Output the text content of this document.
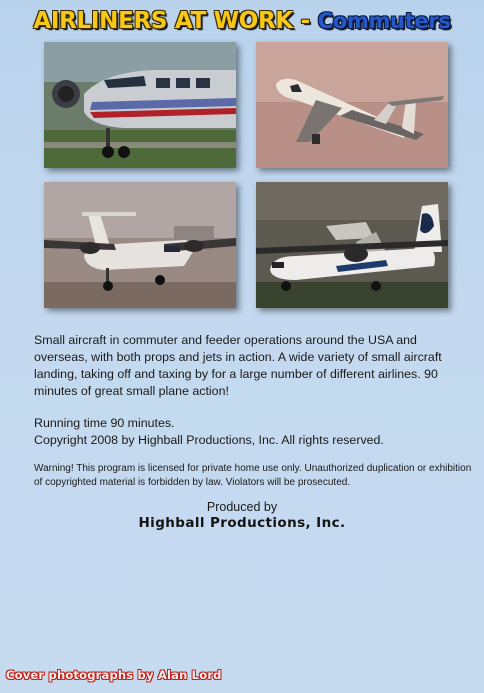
AIRLINERS AT WORK - Commuters
Small aircraft in commuter and feeder operations around the USA and overseas, with both props and jets in action. A wide variety of small aircraft landing, taking off and taxing by for a large number of different airlines. 90 minutes of great small plane action!
Running time 90 minutes.
Copyright 2008 by Highball Productions, Inc. All rights reserved.
Warning! This program is licensed for private home use only. Unauthorized duplication or exhibition of copyrighted material is forbidden by law. Violators will be prosecuted.
Produced by
Highball Productions, Inc.
Cover photographs by Alan Lord
